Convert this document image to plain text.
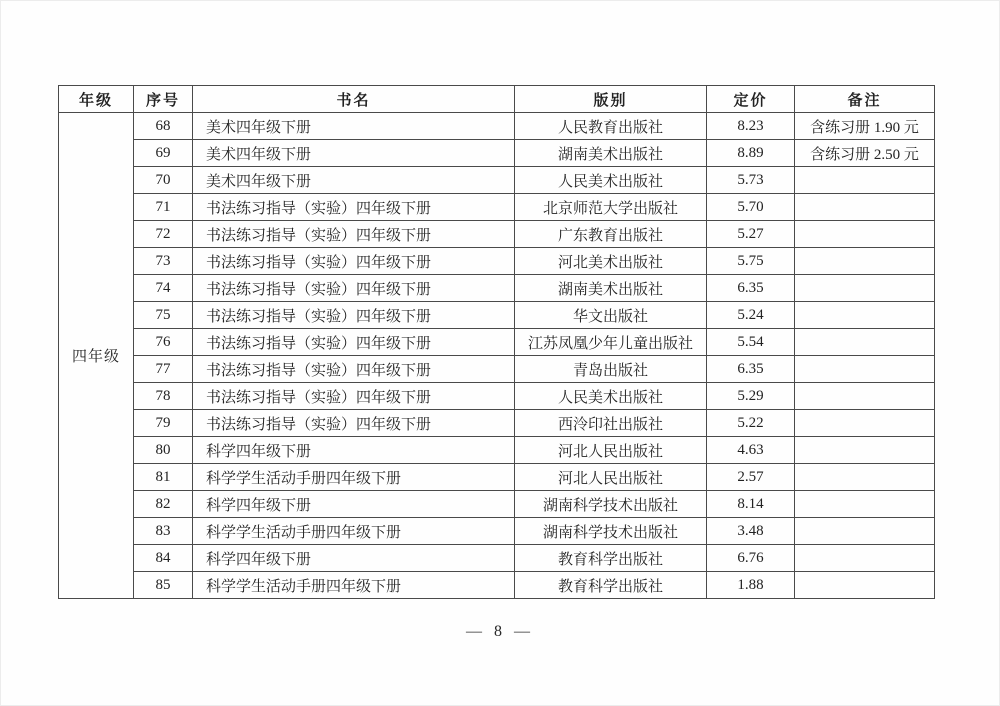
年级	序号	书名	版别	定价	备注
四年级	68	美术四年级下册	人民教育出版社	8.23	含练习册 1.90 元
	69	美术四年级下册	湖南美术出版社	8.89	含练习册 2.50 元
	70	美术四年级下册	人民美术出版社	5.73	
	71	书法练习指导（实验）四年级下册	北京师范大学出版社	5.70	
	72	书法练习指导（实验）四年级下册	广东教育出版社	5.27	
	73	书法练习指导（实验）四年级下册	河北美术出版社	5.75	
	74	书法练习指导（实验）四年级下册	湖南美术出版社	6.35	
	75	书法练习指导（实验）四年级下册	华文出版社	5.24	
	76	书法练习指导（实验）四年级下册	江苏凤凰少年儿童出版社	5.54	
	77	书法练习指导（实验）四年级下册	青岛出版社	6.35	
	78	书法练习指导（实验）四年级下册	人民美术出版社	5.29	
	79	书法练习指导（实验）四年级下册	西泠印社出版社	5.22	
	80	科学四年级下册	河北人民出版社	4.63	
	81	科学学生活动手册四年级下册	河北人民出版社	2.57	
	82	科学四年级下册	湖南科学技术出版社	8.14	
	83	科学学生活动手册四年级下册	湖南科学技术出版社	3.48	
	84	科学四年级下册	教育科学出版社	6.76	
	85	科学学生活动手册四年级下册	教育科学出版社	1.88	
— 8 —
